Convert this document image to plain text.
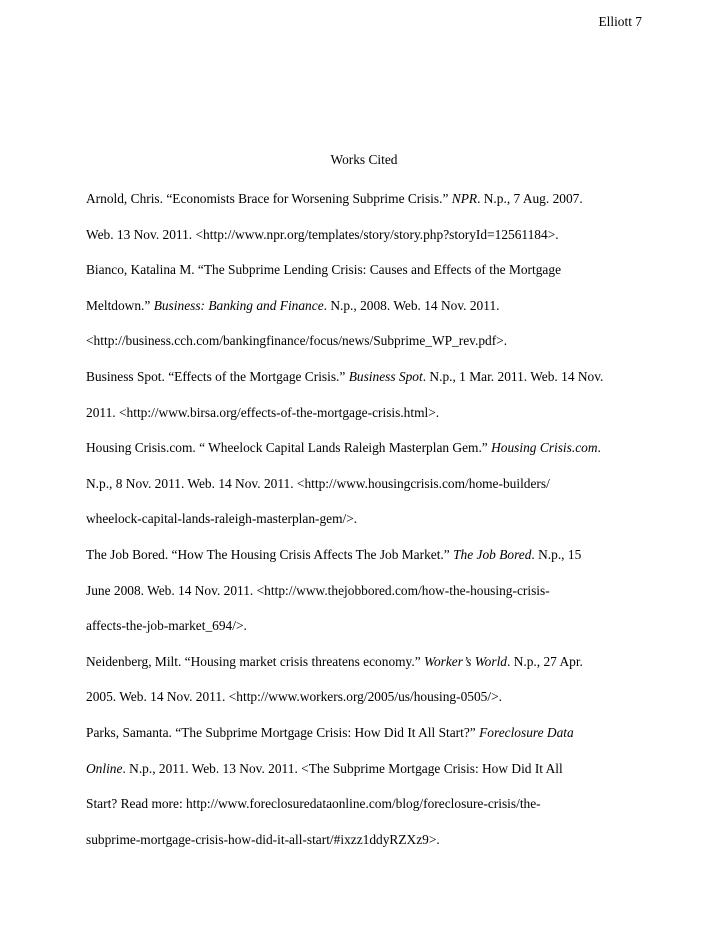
Elliott 7
Works Cited
Arnold, Chris. “Economists Brace for Worsening Subprime Crisis.” NPR. N.p., 7 Aug. 2007.
Web. 13 Nov. 2011. <http://www.npr.org/templates/story/story.php?storyId=12561184>.
Bianco, Katalina M. “The Subprime Lending Crisis: Causes and Effects of the Mortgage
Meltdown.” Business: Banking and Finance. N.p., 2008. Web. 14 Nov. 2011.
<http://business.cch.com/bankingfinance/focus/news/Subprime_WP_rev.pdf>.
Business Spot. “Effects of the Mortgage Crisis.” Business Spot. N.p., 1 Mar. 2011. Web. 14 Nov.
2011. <http://www.birsa.org/effects-of-the-mortgage-crisis.html>.
Housing Crisis.com. “ Wheelock Capital Lands Raleigh Masterplan Gem.” Housing Crisis.com.
N.p., 8 Nov. 2011. Web. 14 Nov. 2011. <http://www.housingcrisis.com/home-builders/
wheelock-capital-lands-raleigh-masterplan-gem/>.
The Job Bored. “How The Housing Crisis Affects The Job Market.” The Job Bored. N.p., 15
June 2008. Web. 14 Nov. 2011. <http://www.thejobbored.com/how-the-housing-crisis-
affects-the-job-market_694/>.
Neidenberg, Milt. “Housing market crisis threatens economy.” Worker’s World. N.p., 27 Apr.
2005. Web. 14 Nov. 2011. <http://www.workers.org/2005/us/housing-0505/>.
Parks, Samanta. “The Subprime Mortgage Crisis: How Did It All Start?” Foreclosure Data
Online. N.p., 2011. Web. 13 Nov. 2011. <The Subprime Mortgage Crisis: How Did It All
Start? Read more: http://www.foreclosuredataonline.com/blog/foreclosure-crisis/the-
subprime-mortgage-crisis-how-did-it-all-start/#ixzz1ddyRZXz9>.
